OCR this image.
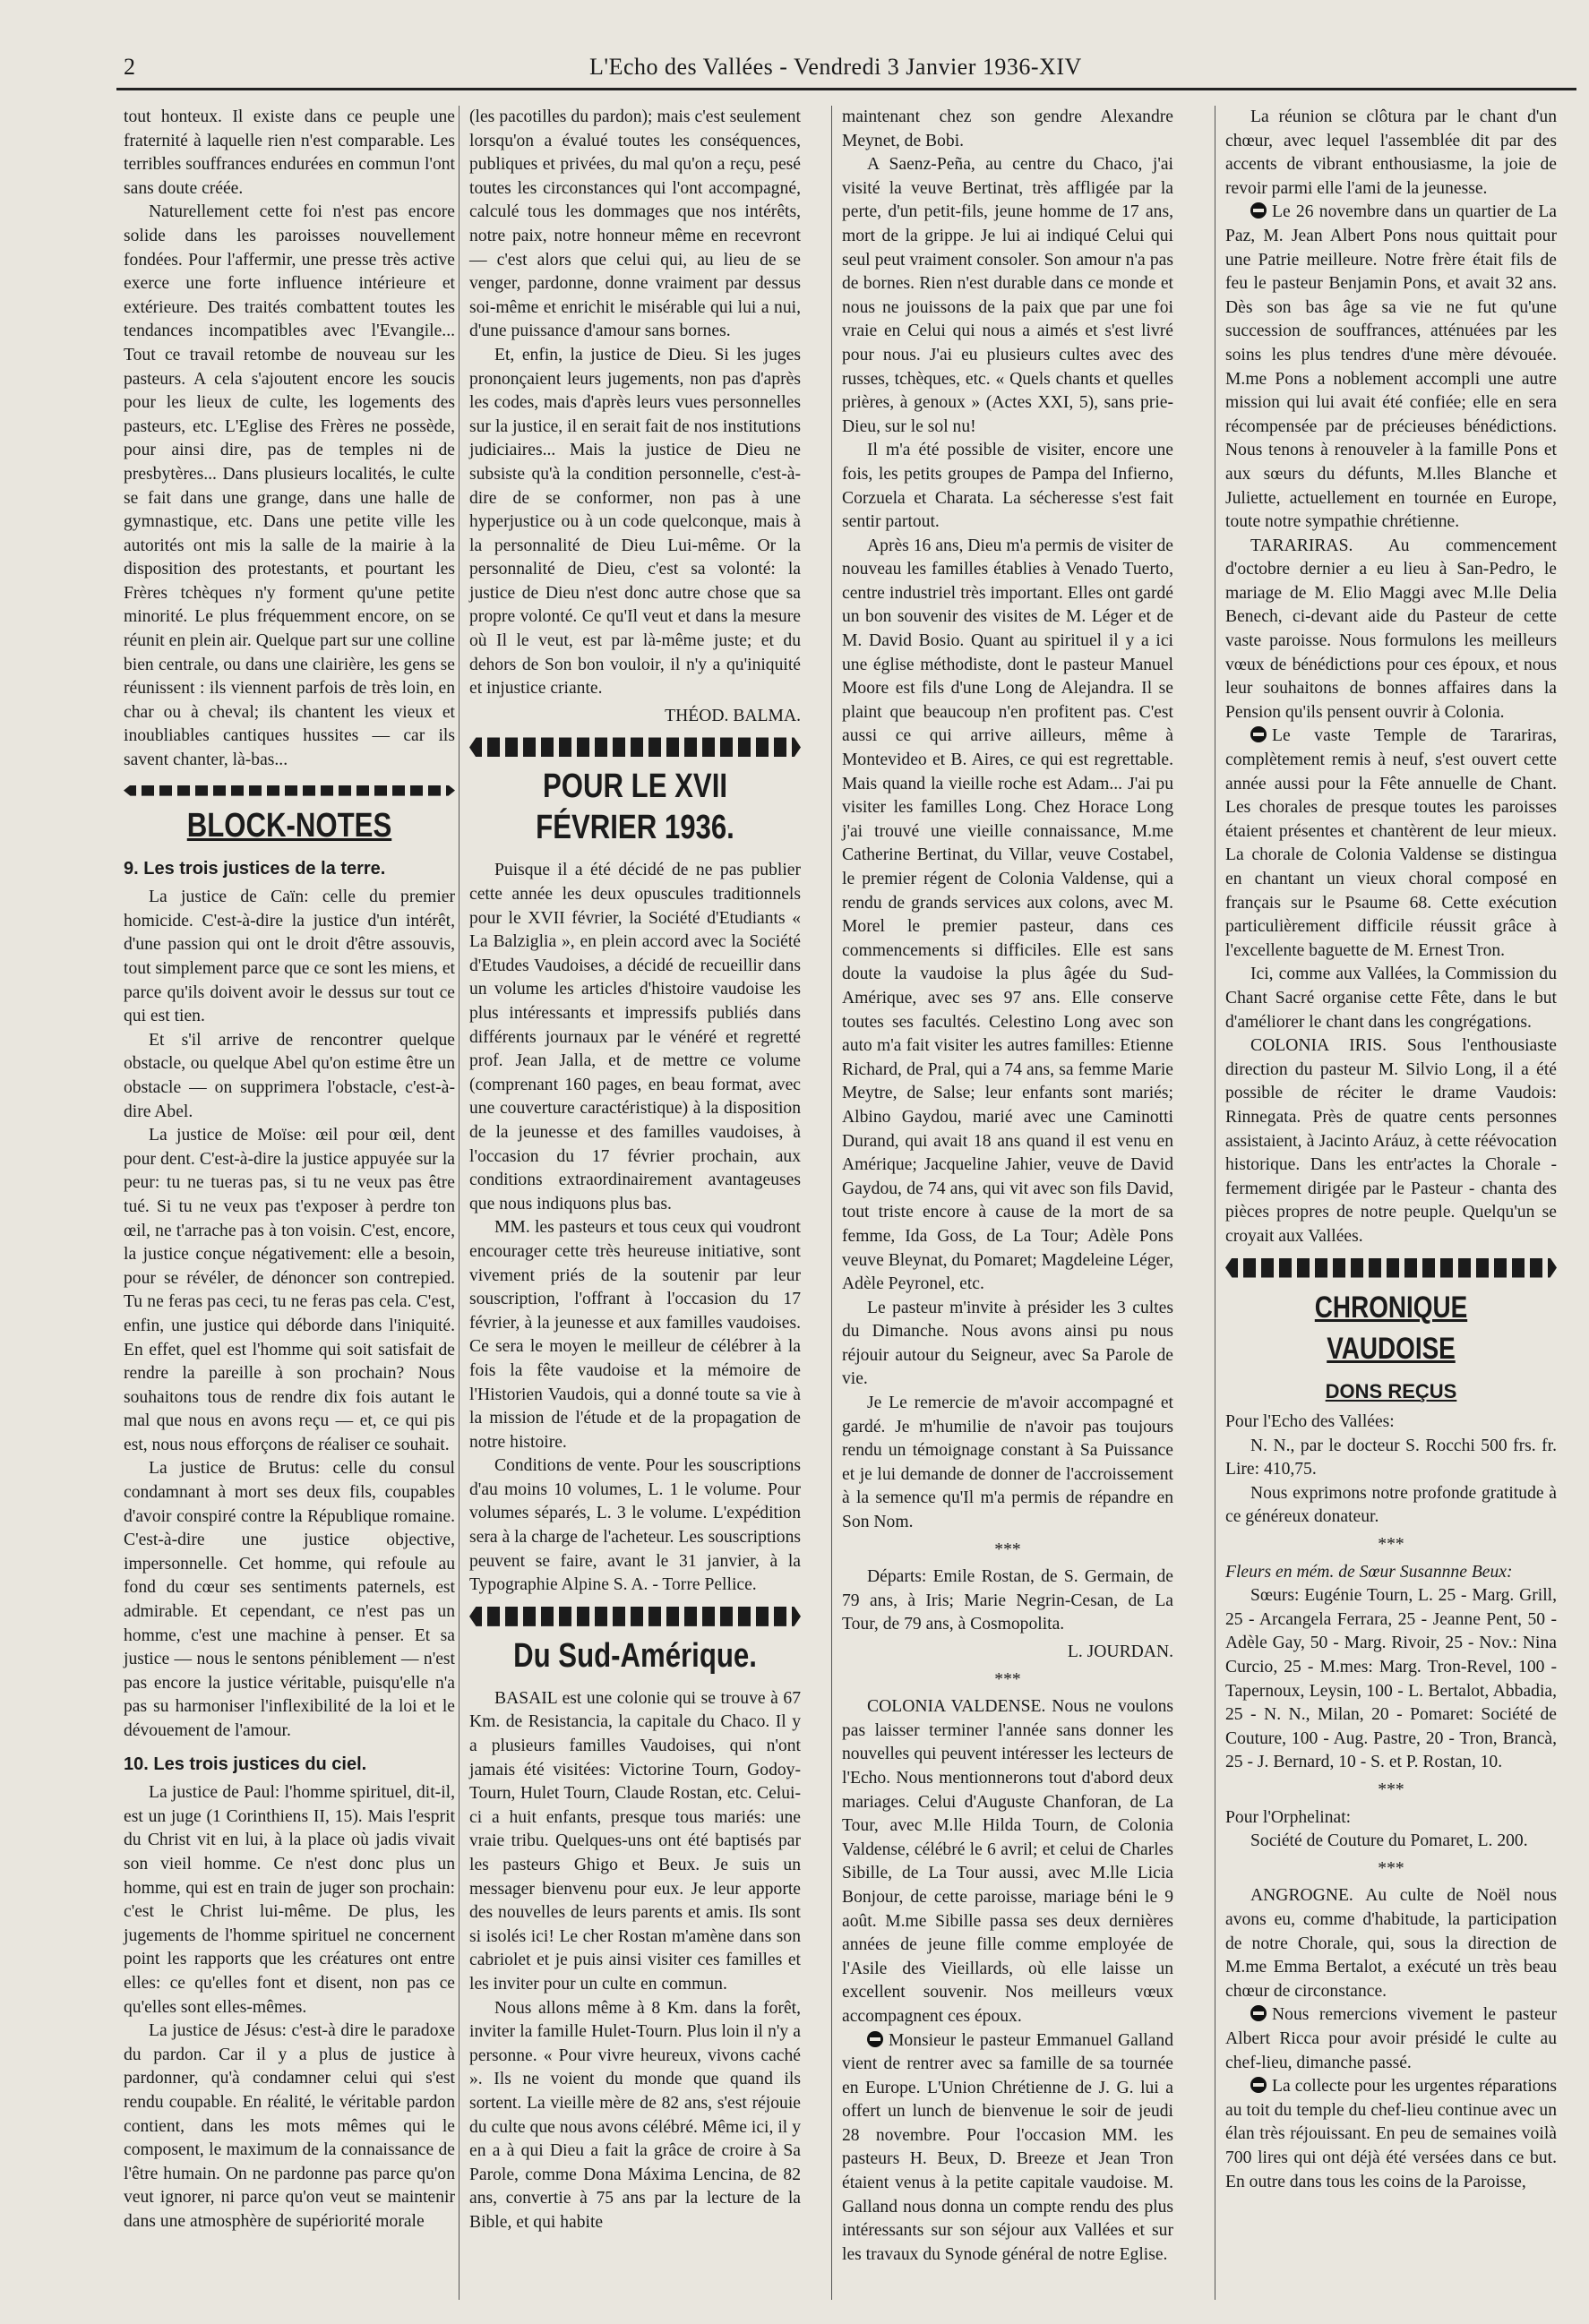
2	L'Echo des Vallées - Vendredi 3 Janvier 1936-XIV

tout honteux. Il existe dans ce peuple une fraternité à laquelle rien n'est comparable. Les terribles souffrances endurées en commun l'ont sans doute créée.

Naturellement cette foi n'est pas encore solide dans les paroisses nouvellement fondées. Pour l'affermir, une presse très active exerce une forte influence intérieure et extérieure. Des traités combattent toutes les tendances incompatibles avec l'Evangile... Tout ce travail retombe de nouveau sur les pasteurs. A cela s'ajoutent encore les soucis pour les lieux de culte, les logements des pasteurs, etc. L'Eglise des Frères ne possède, pour ainsi dire, pas de temples ni de presbytères... Dans plusieurs localités, le culte se fait dans une grange, dans une halle de gymnastique, etc. Dans une petite ville les autorités ont mis la salle de la mairie à la disposition des protestants, et pourtant les Frères tchèques n'y forment qu'une petite minorité. Le plus fréquemment encore, on se réunit en plein air. Quelque part sur une colline bien centrale, ou dans une clairière, les gens se réunissent : ils viennent parfois de très loin, en char ou à cheval; ils chantent les vieux et inoubliables cantiques hussites — car ils savent chanter, là-bas...

BLOCK-NOTES
9. Les trois justices de la terre.

La justice de Caïn: celle du premier homicide. C'est-à-dire la justice d'un intérêt, d'une passion qui ont le droit d'être assouvis, tout simplement parce que ce sont les miens, et parce qu'ils doivent avoir le dessus sur tout ce qui est tien.

Et s'il arrive de rencontrer quelque obstacle, ou quelque Abel qu'on estime être un obstacle — on supprimera l'obstacle, c'est-à-dire Abel.

La justice de Moïse: œil pour œil, dent pour dent. C'est-à-dire la justice appuyée sur la peur: tu ne tueras pas, si tu ne veux pas être tué. Si tu ne veux pas t'exposer à perdre ton œil, ne t'arrache pas à ton voisin. C'est, encore, la justice conçue négativement: elle a besoin, pour se révéler, de dénoncer son contrepied. Tu ne feras pas ceci, tu ne feras pas cela. C'est, enfin, une justice qui déborde dans l'iniquité. En effet, quel est l'homme qui soit satisfait de rendre la pareille à son prochain? Nous souhaitons tous de rendre dix fois autant le mal que nous en avons reçu — et, ce qui pis est, nous nous efforçons de réaliser ce souhait.

La justice de Brutus: celle du consul condamnant à mort ses deux fils, coupables d'avoir conspiré contre la République romaine. C'est-à-dire une justice objective, impersonnelle. Cet homme, qui refoule au fond du cœur ses sentiments paternels, est admirable. Et cependant, ce n'est pas un homme, c'est une machine à penser. Et sa justice — nous le sentons péniblement — n'est pas encore la justice véritable, puisqu'elle n'a pas su harmoniser l'inflexibilité de la loi et le dévouement de l'amour.

10. Les trois justices du ciel.

La justice de Paul: l'homme spirituel, dit-il, est un juge (1 Corinthiens II, 15). Mais l'esprit du Christ vit en lui, à la place où jadis vivait son vieil homme. Ce n'est donc plus un homme, qui est en train de juger son prochain: c'est le Christ lui-même. De plus, les jugements de l'homme spirituel ne concernent point les rapports que les créatures ont entre elles: ce qu'elles font et disent, non pas ce qu'elles sont elles-mêmes.

La justice de Jésus: c'est-à dire le paradoxe du pardon. Car il y a plus de justice à pardonner, qu'à condamner celui qui s'est rendu coupable. En réalité, le véritable pardon contient, dans les mots mêmes qui le composent, le maximum de la connaissance de l'être humain. On ne pardonne pas parce qu'on veut ignorer, ni parce qu'on veut se maintenir dans une atmosphère de supériorité morale

(les pacotilles du pardon); mais c'est seulement lorsqu'on a évalué toutes les conséquences, publiques et privées, du mal qu'on a reçu, pesé toutes les circonstances qui l'ont accompagné, calculé tous les dommages que nos intérêts, notre paix, notre honneur même en recevront — c'est alors que celui qui, au lieu de se venger, pardonne, donne vraiment par dessus soi-même et enrichit le misérable qui lui a nui, d'une puissance d'amour sans bornes.

Et, enfin, la justice de Dieu. Si les juges prononçaient leurs jugements, non pas d'après les codes, mais d'après leurs vues personnelles sur la justice, il en serait fait de nos institutions judiciaires... Mais la justice de Dieu ne subsiste qu'à la condition personnelle, c'est-à-dire de se conformer, non pas à une hyperjustice ou à un code quelconque, mais à la personnalité de Dieu Lui-même. Or la personnalité de Dieu, c'est sa volonté: la justice de Dieu n'est donc autre chose que sa propre volonté. Ce qu'Il veut et dans la mesure où Il le veut, est par là-même juste; et du dehors de Son bon vouloir, il n'y a qu'iniquité et injustice criante.

THÉOD. BALMA.
POUR LE XVII FÉVRIER 1936.

Puisque il a été décidé de ne pas publier cette année les deux opuscules traditionnels pour le XVII février, la Société d'Etudiants « La Balziglia », en plein accord avec la Société d'Etudes Vaudoises, a décidé de recueillir dans un volume les articles d'histoire vaudoise les plus intéressants et impressifs publiés dans différents journaux par le vénéré et regretté prof. Jean Jalla, et de mettre ce volume (comprenant 160 pages, en beau format, avec une couverture caractéristique) à la disposition de la jeunesse et des familles vaudoises, à l'occasion du 17 février prochain, aux conditions extraordinairement avantageuses que nous indiquons plus bas.

MM. les pasteurs et tous ceux qui voudront encourager cette très heureuse initiative, sont vivement priés de la soutenir par leur souscription, l'offrant à l'occasion du 17 février, à la jeunesse et aux familles vaudoises. Ce sera le moyen le meilleur de célébrer à la fois la fête vaudoise et la mémoire de l'Historien Vaudois, qui a donné toute sa vie à la mission de l'étude et de la propagation de notre histoire.

Conditions de vente. Pour les souscriptions d'au moins 10 volumes, L. 1 le volume. Pour volumes séparés, L. 3 le volume. L'expédition sera à la charge de l'acheteur. Les souscriptions peuvent se faire, avant le 31 janvier, à la Typographie Alpine S. A. - Torre Pellice.

Du Sud-Amérique.

BASAIL est une colonie qui se trouve à 67 Km. de Resistancia, la capitale du Chaco. Il y a plusieurs familles Vaudoises, qui n'ont jamais été visitées: Victorine Tourn, Godoy-Tourn, Hulet Tourn, Claude Rostan, etc. Celui-ci a huit enfants, presque tous mariés: une vraie tribu. Quelques-uns ont été baptisés par les pasteurs Ghigo et Beux. Je suis un messager bienvenu pour eux. Je leur apporte des nouvelles de leurs parents et amis. Ils sont si isolés ici! Le cher Rostan m'amène dans son cabriolet et je puis ainsi visiter ces familles et les inviter pour un culte en commun.

Nous allons même à 8 Km. dans la forêt, inviter la famille Hulet-Tourn. Plus loin il n'y a personne. « Pour vivre heureux, vivons caché ». Ils ne voient du monde que quand ils sortent. La vieille mère de 82 ans, s'est réjouie du culte que nous avons célébré. Même ici, il y en a à qui Dieu a fait la grâce de croire à Sa Parole, comme Dona Máxima Lencina, de 82 ans, convertie à 75 ans par la lecture de la Bible, et qui habite

maintenant chez son gendre Alexandre Meynet, de Bobi.

A Saenz-Peña, au centre du Chaco, j'ai visité la veuve Bertinat, très affligée par la perte, d'un petit-fils, jeune homme de 17 ans, mort de la grippe. Je lui ai indiqué Celui qui seul peut vraiment consoler. Son amour n'a pas de bornes. Rien n'est durable dans ce monde et nous ne jouissons de la paix que par une foi vraie en Celui qui nous a aimés et s'est livré pour nous. J'ai eu plusieurs cultes avec des russes, tchèques, etc. « Quels chants et quelles prières, à genoux » (Actes XXI, 5), sans prie-Dieu, sur le sol nu!

Il m'a été possible de visiter, encore une fois, les petits groupes de Pampa del Infierno, Corzuela et Charata. La sécheresse s'est fait sentir partout.

Après 16 ans, Dieu m'a permis de visiter de nouveau les familles établies à Venado Tuerto, centre industriel très important. Elles ont gardé un bon souvenir des visites de M. Léger et de M. David Bosio. Quant au spirituel il y a ici une église méthodiste, dont le pasteur Manuel Moore est fils d'une Long de Alejandra. Il se plaint que beaucoup n'en profitent pas. C'est aussi ce qui arrive ailleurs, même à Montevideo et B. Aires, ce qui est regrettable. Mais quand la vieille roche est Adam... J'ai pu visiter les familles Long. Chez Horace Long j'ai trouvé une vieille connaissance, M.me Catherine Bertinat, du Villar, veuve Costabel, le premier régent de Colonia Valdense, qui a rendu de grands services aux colons, avec M. Morel le premier pasteur, dans ces commencements si difficiles. Elle est sans doute la vaudoise la plus âgée du Sud-Amérique, avec ses 97 ans. Elle conserve toutes ses facultés. Celestino Long avec son auto m'a fait visiter les autres familles: Etienne Richard, de Pral, qui a 74 ans, sa femme Marie Meytre, de Salse; leur enfants sont mariés; Albino Gaydou, marié avec une Caminotti Durand, qui avait 18 ans quand il est venu en Amérique; Jacqueline Jahier, veuve de David Gaydou, de 74 ans, qui vit avec son fils David, tout triste encore à cause de la mort de sa femme, Ida Goss, de La Tour; Adèle Pons veuve Bleynat, du Pomaret; Magdeleine Léger, Adèle Peyronel, etc.

Le pasteur m'invite à présider les 3 cultes du Dimanche. Nous avons ainsi pu nous réjouir autour du Seigneur, avec Sa Parole de vie.

Je Le remercie de m'avoir accompagné et gardé. Je m'humilie de n'avoir pas toujours rendu un témoignage constant à Sa Puissance et je lui demande de donner de l'accroissement à la semence qu'Il m'a permis de répandre en Son Nom.

***

Départs: Emile Rostan, de S. Germain, de 79 ans, à Iris; Marie Negrin-Cesan, de La Tour, de 79 ans, à Cosmopolita.

L. JOURDAN.
***

COLONIA VALDENSE. Nous ne voulons pas laisser terminer l'année sans donner les nouvelles qui peuvent intéresser les lecteurs de l'Echo. Nous mentionnerons tout d'abord deux mariages. Celui d'Auguste Chanforan, de La Tour, avec M.lle Hilda Tourn, de Colonia Valdense, célébré le 6 avril; et celui de Charles Sibille, de La Tour aussi, avec M.lle Licia Bonjour, de cette paroisse, mariage béni le 9 août. M.me Sibille passa ses deux dernières années de jeune fille comme employée de l'Asile des Vieillards, où elle laisse un excellent souvenir. Nos meilleurs vœux accompagnent ces époux.

Monsieur le pasteur Emmanuel Galland vient de rentrer avec sa famille de sa tournée en Europe. L'Union Chrétienne de J. G. lui a offert un lunch de bienvenue le soir de jeudi 28 novembre. Pour l'occasion MM. les pasteurs H. Beux, D. Breeze et Jean Tron étaient venus à la petite capitale vaudoise. M. Galland nous donna un compte rendu des plus intéressants sur son séjour aux Vallées et sur les travaux du Synode général de notre Eglise.

La réunion se clôtura par le chant d'un chœur, avec lequel l'assemblée dit par des accents de vibrant enthousiasme, la joie de revoir parmi elle l'ami de la jeunesse.

Le 26 novembre dans un quartier de La Paz, M. Jean Albert Pons nous quittait pour une Patrie meilleure. Notre frère était fils de feu le pasteur Benjamin Pons, et avait 32 ans. Dès son bas âge sa vie ne fut qu'une succession de souffrances, atténuées par les soins les plus tendres d'une mère dévouée. M.me Pons a noblement accompli une autre mission qui lui avait été confiée; elle en sera récompensée par de précieuses bénédictions. Nous tenons à renouveler à la famille Pons et aux sœurs du défunts, M.lles Blanche et Juliette, actuellement en tournée en Europe, toute notre sympathie chrétienne.

TARARIRAS. Au commencement d'octobre dernier a eu lieu à San-Pedro, le mariage de M. Elio Maggi avec M.lle Delia Benech, ci-devant aide du Pasteur de cette vaste paroisse. Nous formulons les meilleurs vœux de bénédictions pour ces époux, et nous leur souhaitons de bonnes affaires dans la Pension qu'ils pensent ouvrir à Colonia.

Le vaste Temple de Tarariras, complètement remis à neuf, s'est ouvert cette année aussi pour la Fête annuelle de Chant. Les chorales de presque toutes les paroisses étaient présentes et chantèrent de leur mieux. La chorale de Colonia Valdense se distingua en chantant un vieux choral composé en français sur le Psaume 68. Cette exécution particulièrement difficile réussit grâce à l'excellente baguette de M. Ernest Tron.

Ici, comme aux Vallées, la Commission du Chant Sacré organise cette Fête, dans le but d'améliorer le chant dans les congrégations.

COLONIA IRIS. Sous l'enthousiaste direction du pasteur M. Silvio Long, il a été possible de réciter le drame Vaudois: Rinnegata. Près de quatre cents personnes assistaient, à Jacinto Aráuz, à cette réévocation historique. Dans les entr'actes la Chorale - fermement dirigée par le Pasteur - chanta des pièces propres de notre peuple. Quelqu'un se croyait aux Vallées.

CHRONIQUE VAUDOISE
DONS REÇUS

Pour l'Echo des Vallées:

N. N., par le docteur S. Rocchi 500 frs. fr. Lire: 410,75.

Nous exprimons notre profonde gratitude à ce généreux donateur.

***

Fleurs en mém. de Sœur Susannne Beux:

Sœurs: Eugénie Tourn, L. 25 - Marg. Grill, 25 - Arcangela Ferrara, 25 - Jeanne Pent, 50 - Adèle Gay, 50 - Marg. Rivoir, 25 - Nov.: Nina Curcio, 25 - M.mes: Marg. Tron-Revel, 100 - Tapernoux, Leysin, 100 - L. Bertalot, Abbadia, 25 - N. N., Milan, 20 - Pomaret: Société de Couture, 100 - Aug. Pastre, 20 - Tron, Brancà, 25 - J. Bernard, 10 - S. et P. Rostan, 10.

***

Pour l'Orphelinat:

Société de Couture du Pomaret, L. 200.

***

ANGROGNE. Au culte de Noël nous avons eu, comme d'habitude, la participation de notre Chorale, qui, sous la direction de M.me Emma Bertalot, a exécuté un très beau chœur de circonstance.

Nous remercions vivement le pasteur Albert Ricca pour avoir présidé le culte au chef-lieu, dimanche passé.

La collecte pour les urgentes réparations au toit du temple du chef-lieu continue avec un élan très réjouissant. En peu de semaines voilà 700 lires qui ont déjà été versées dans ce but. En outre dans tous les coins de la Paroisse,
